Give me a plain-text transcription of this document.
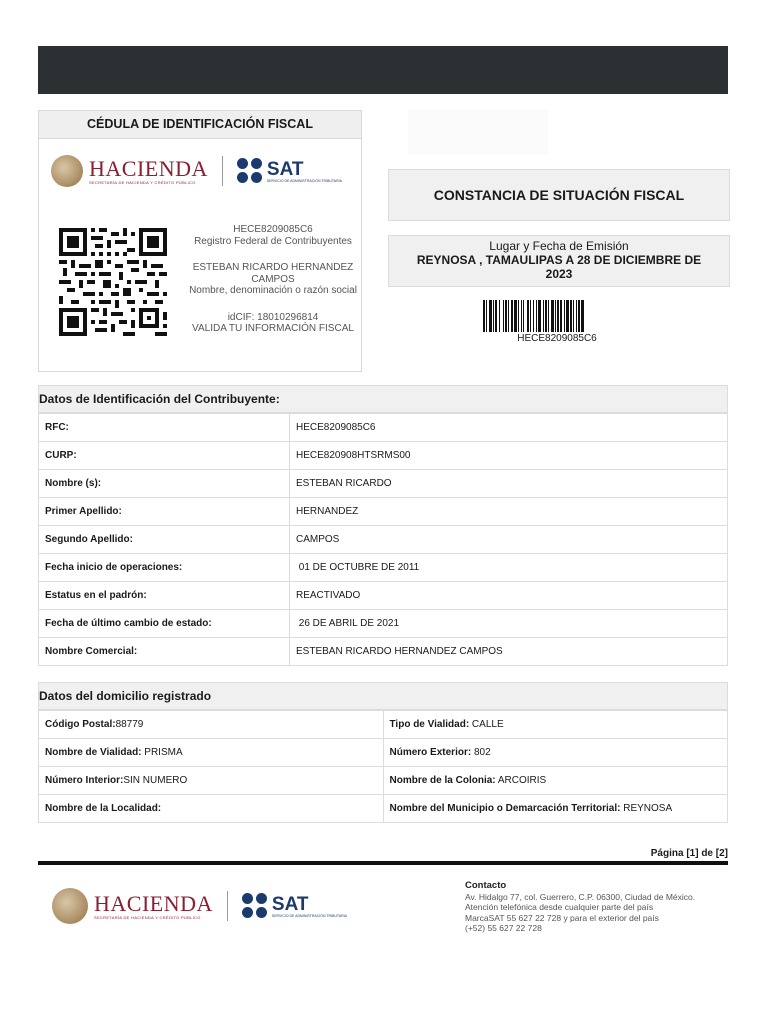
CÉDULA DE IDENTIFICACIÓN FISCAL
HACIENDA
SECRETARÍA DE HACIENDA Y CRÉDITO PÚBLICO
SAT
SERVICIO DE ADMINISTRACIÓN TRIBUTARIA

HECE8209085C6

Registro Federal de Contribuyentes

ESTEBAN RICARDO HERNANDEZ CAMPOS

Nombre, denominación o razón social

idCIF: 18010296814

VALIDA TU INFORMACIÓN FISCAL

CONSTANCIA DE SITUACIÓN FISCAL
Lugar y Fecha de Emisión
REYNOSA , TAMAULIPAS A 28 DE DICIEMBRE DE 2023
HECE8209085C6
Datos de Identificación del Contribuyente:
RFC:	HECE8209085C6
CURP:	HECE820908HTSRMS00
Nombre (s):	ESTEBAN RICARDO
Primer Apellido:	HERNANDEZ
Segundo Apellido:	CAMPOS
Fecha inicio de operaciones:	01 DE OCTUBRE DE 2011
Estatus en el padrón:	REACTIVADO
Fecha de último cambio de estado:	26 DE ABRIL DE 2021
Nombre Comercial:	ESTEBAN RICARDO HERNANDEZ CAMPOS
Datos del domicilio registrado
Código Postal:88779	Tipo de Vialidad: CALLE
Nombre de Vialidad: PRISMA	Número Exterior: 802
Número Interior:SIN NUMERO	Nombre de la Colonia: ARCOIRIS
Nombre de la Localidad:	Nombre del Municipio o Demarcación Territorial: REYNOSA
Página [1] de [2]
HACIENDA
SECRETARÍA DE HACIENDA Y CRÉDITO PÚBLICO
SAT
SERVICIO DE ADMINISTRACIÓN TRIBUTARIA
Contacto
Av. Hidalgo 77, col. Guerrero, C.P. 06300, Ciudad de México.
Atención telefónica desde cualquier parte del país
MarcaSAT 55 627 22 728 y para el exterior del país
(+52) 55 627 22 728
